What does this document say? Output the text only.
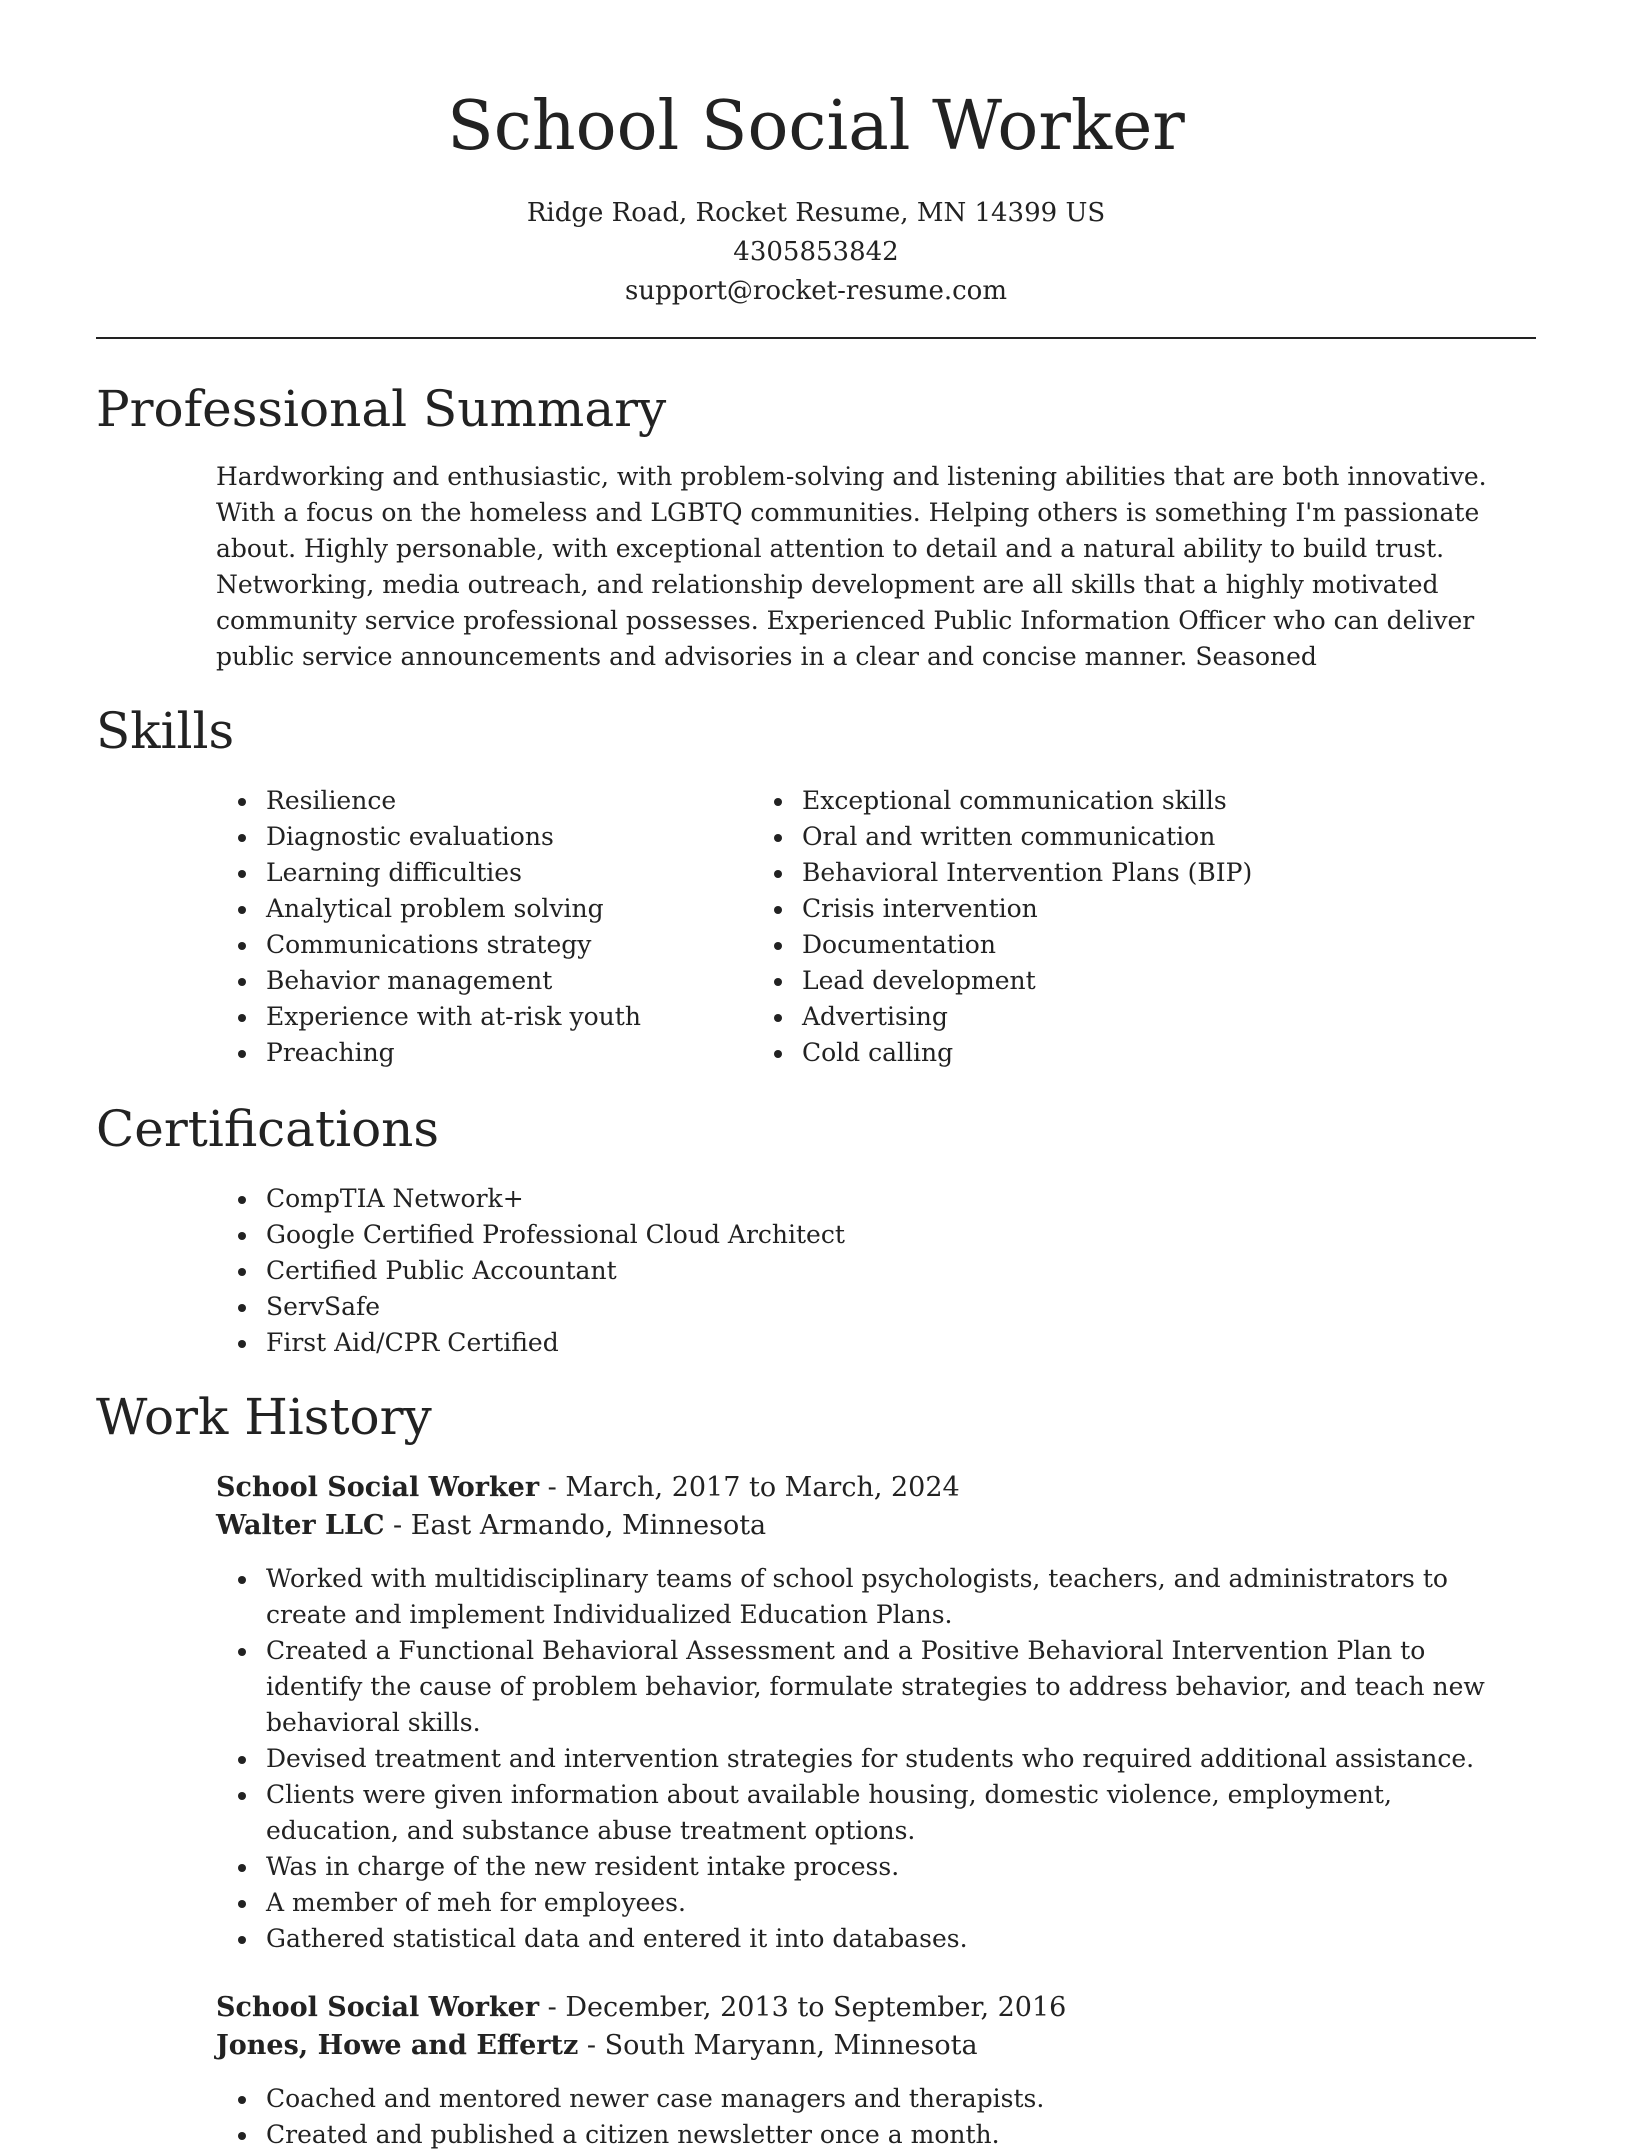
School Social Worker
Ridge Road, Rocket Resume, MN 14399 US
4305853842
support@rocket-resume.com
Professional Summary

Hardworking and enthusiastic, with problem-solving and listening abilities that are both innovative. With a focus on the homeless and LGBTQ communities. Helping others is something I'm passionate about. Highly personable, with exceptional attention to detail and a natural ability to build trust. Networking, media outreach, and relationship development are all skills that a highly motivated community service professional possesses. Experienced Public Information Officer who can deliver public service announcements and advisories in a clear and concise manner. Seasoned

Skills
• Resilience
• Diagnostic evaluations
• Learning difficulties
• Analytical problem solving
• Communications strategy
• Behavior management
• Experience with at-risk youth
• Preaching
• Exceptional communication skills
• Oral and written communication
• Behavioral Intervention Plans (BIP)
• Crisis intervention
• Documentation
• Lead development
• Advertising
• Cold calling
Certifications
• CompTIA Network+
• Google Certified Professional Cloud Architect
• Certified Public Accountant
• ServSafe
• First Aid/CPR Certified
Work History
School Social Worker - March, 2017 to March, 2024
Walter LLC - East Armando, Minnesota
• Worked with multidisciplinary teams of school psychologists, teachers, and administrators to create and implement Individualized Education Plans.
• Created a Functional Behavioral Assessment and a Positive Behavioral Intervention Plan to identify the cause of problem behavior, formulate strategies to address behavior, and teach new behavioral skills.
• Devised treatment and intervention strategies for students who required additional assistance.
• Clients were given information about available housing, domestic violence, employment, education, and substance abuse treatment options.
• Was in charge of the new resident intake process.
• A member of meh for employees.
• Gathered statistical data and entered it into databases.
School Social Worker - December, 2013 to September, 2016
Jones, Howe and Effertz - South Maryann, Minnesota
• Coached and mentored newer case managers and therapists.
• Created and published a citizen newsletter once a month.
